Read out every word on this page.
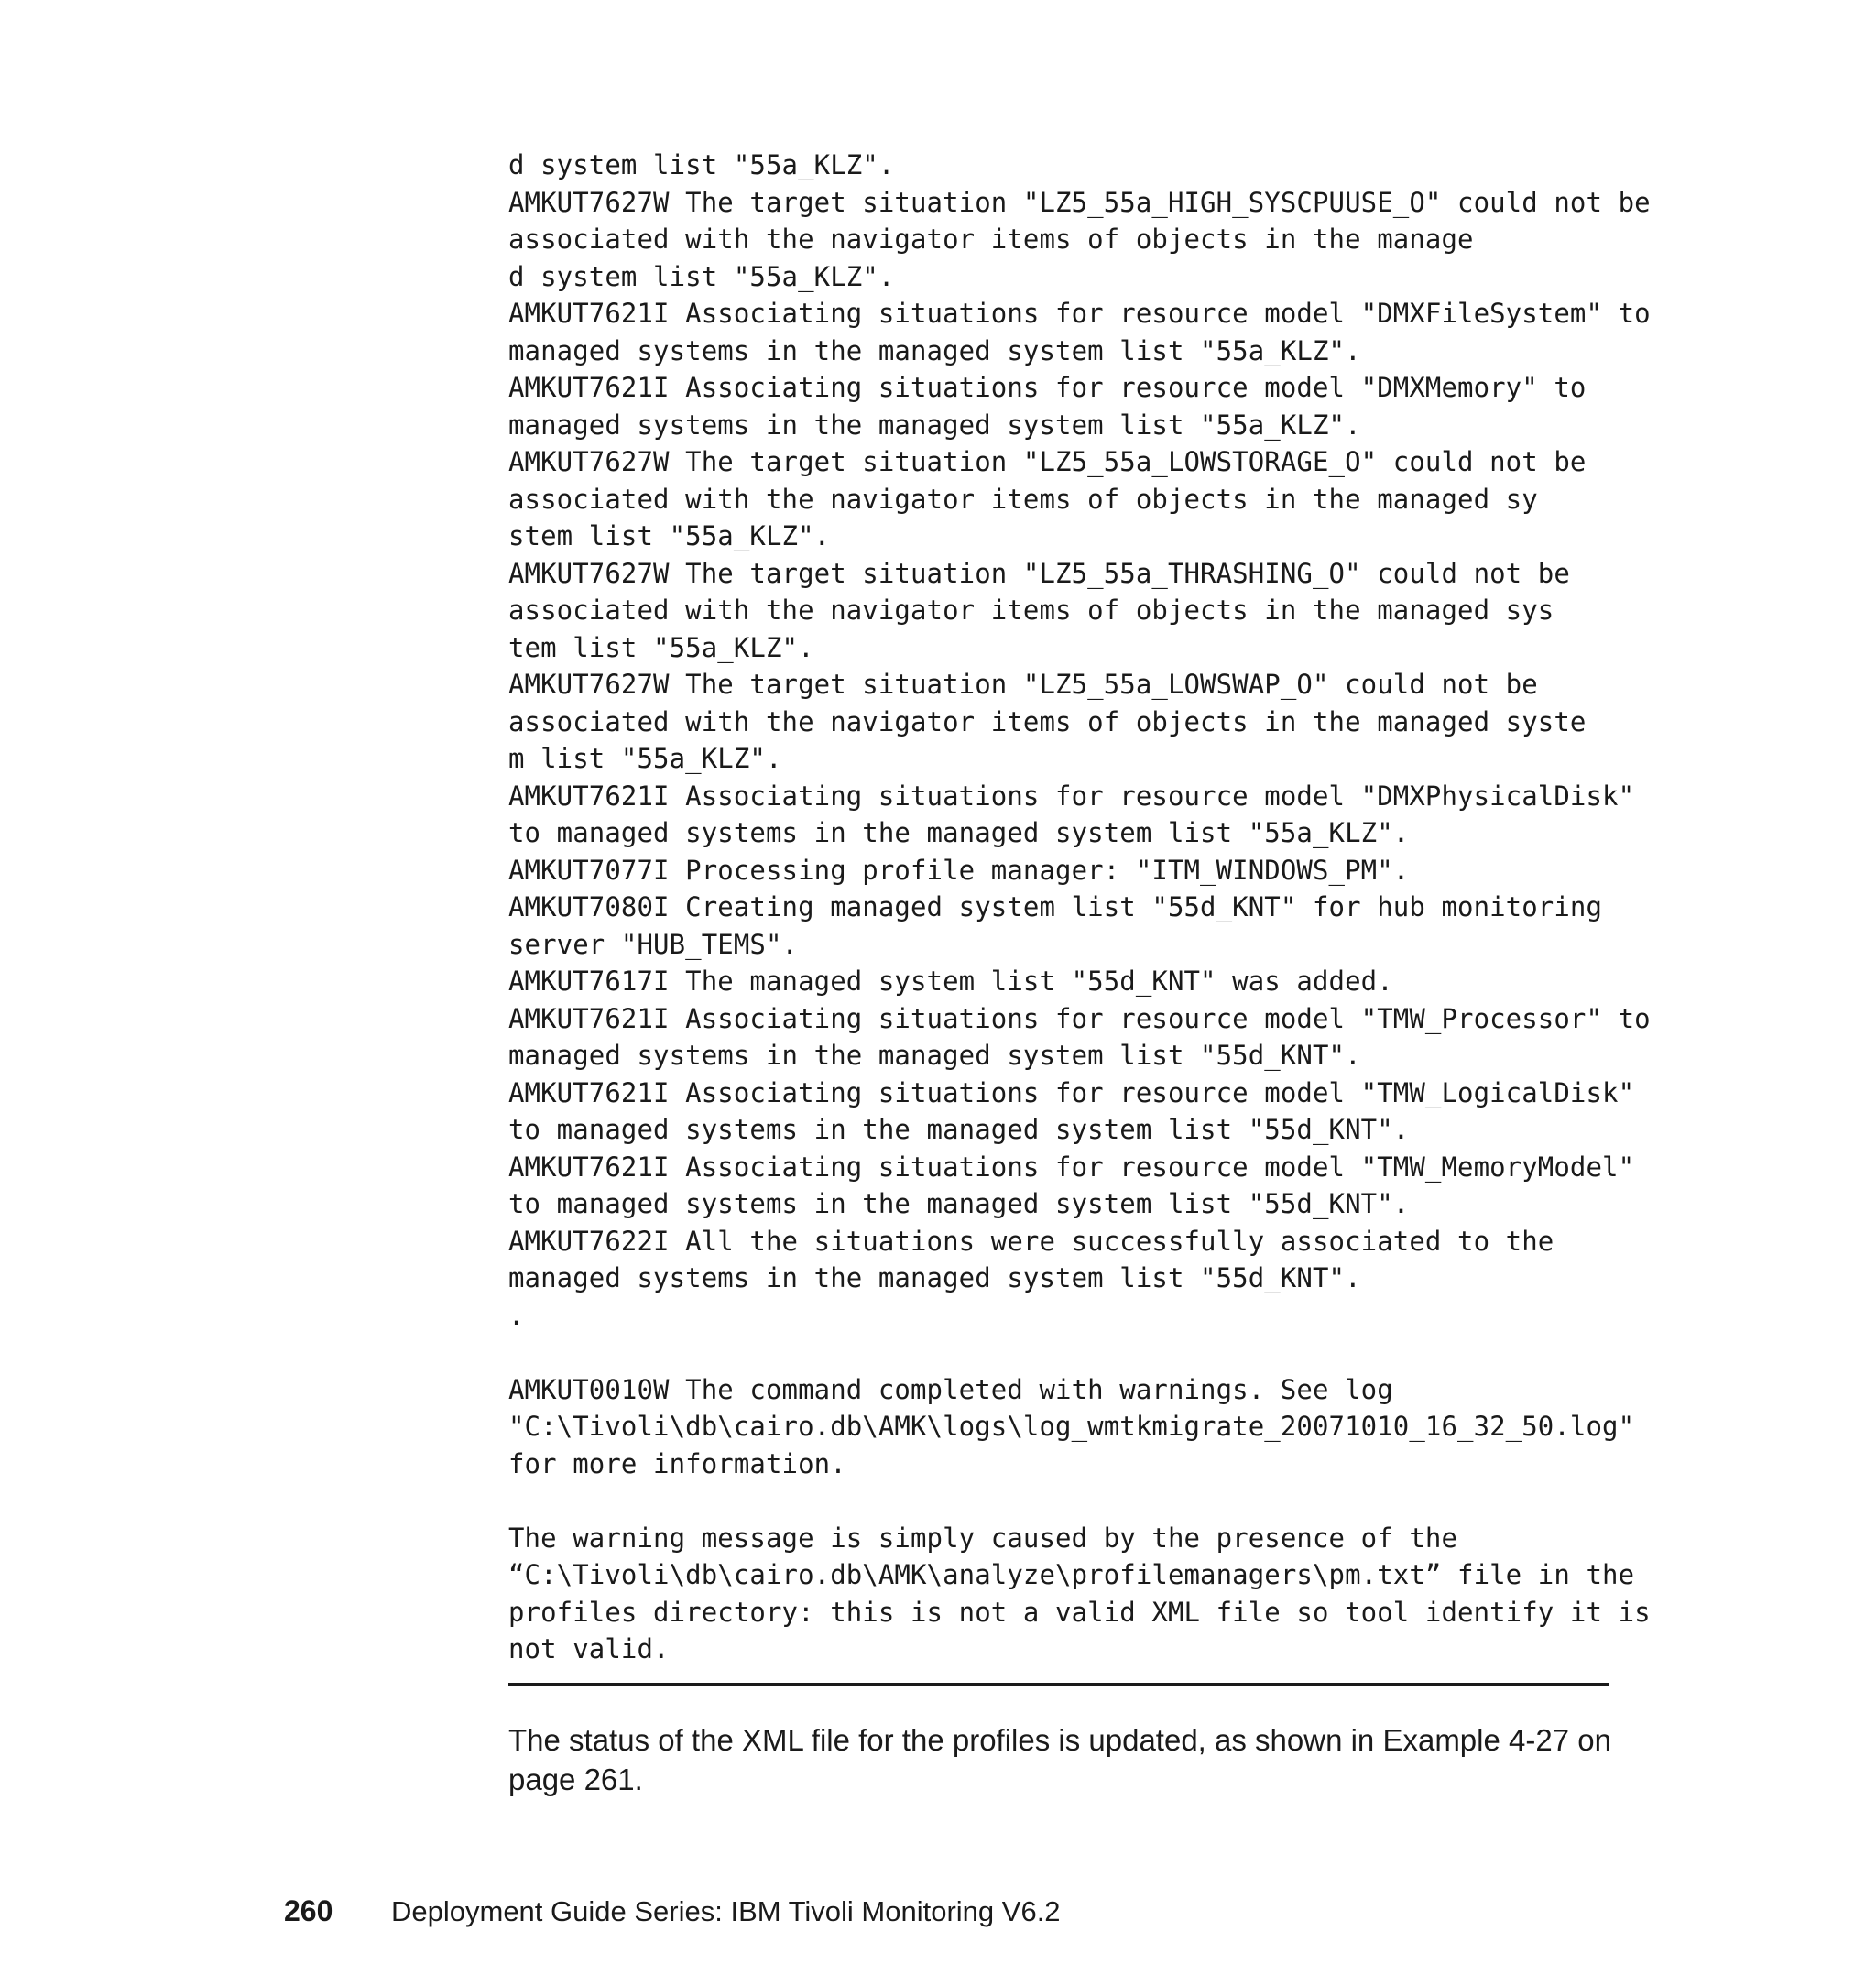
d system list "55a_KLZ".
AMKUT7627W The target situation "LZ5_55a_HIGH_SYSCPUUSE_O" could not be
associated with the navigator items of objects in the manage
d system list "55a_KLZ".
AMKUT7621I Associating situations for resource model "DMXFileSystem" to
managed systems in the managed system list "55a_KLZ".
AMKUT7621I Associating situations for resource model "DMXMemory" to
managed systems in the managed system list "55a_KLZ".
AMKUT7627W The target situation "LZ5_55a_LOWSTORAGE_O" could not be
associated with the navigator items of objects in the managed sy
stem list "55a_KLZ".
AMKUT7627W The target situation "LZ5_55a_THRASHING_O" could not be
associated with the navigator items of objects in the managed sys
tem list "55a_KLZ".
AMKUT7627W The target situation "LZ5_55a_LOWSWAP_O" could not be
associated with the navigator items of objects in the managed syste
m list "55a_KLZ".
AMKUT7621I Associating situations for resource model "DMXPhysicalDisk"
to managed systems in the managed system list "55a_KLZ".
AMKUT7077I Processing profile manager: "ITM_WINDOWS_PM".
AMKUT7080I Creating managed system list "55d_KNT" for hub monitoring
server "HUB_TEMS".
AMKUT7617I The managed system list "55d_KNT" was added.
AMKUT7621I Associating situations for resource model "TMW_Processor" to
managed systems in the managed system list "55d_KNT".
AMKUT7621I Associating situations for resource model "TMW_LogicalDisk"
to managed systems in the managed system list "55d_KNT".
AMKUT7621I Associating situations for resource model "TMW_MemoryModel"
to managed systems in the managed system list "55d_KNT".
AMKUT7622I All the situations were successfully associated to the
managed systems in the managed system list "55d_KNT".
.
AMKUT0010W The command completed with warnings. See log
"C:\Tivoli\db\cairo.db\AMK\logs\log_wmtkmigrate_20071010_16_32_50.log"
for more information.
The warning message is simply caused by the presence of the
“C:\Tivoli\db\cairo.db\AMK\analyze\profilemanagers\pm.txt” file in the
profiles directory: this is not a valid XML file so tool identify it is
not valid.
The status of the XML file for the profiles is updated, as shown in Example 4-27 on page 261.
260 Deployment Guide Series: IBM Tivoli Monitoring V6.2
